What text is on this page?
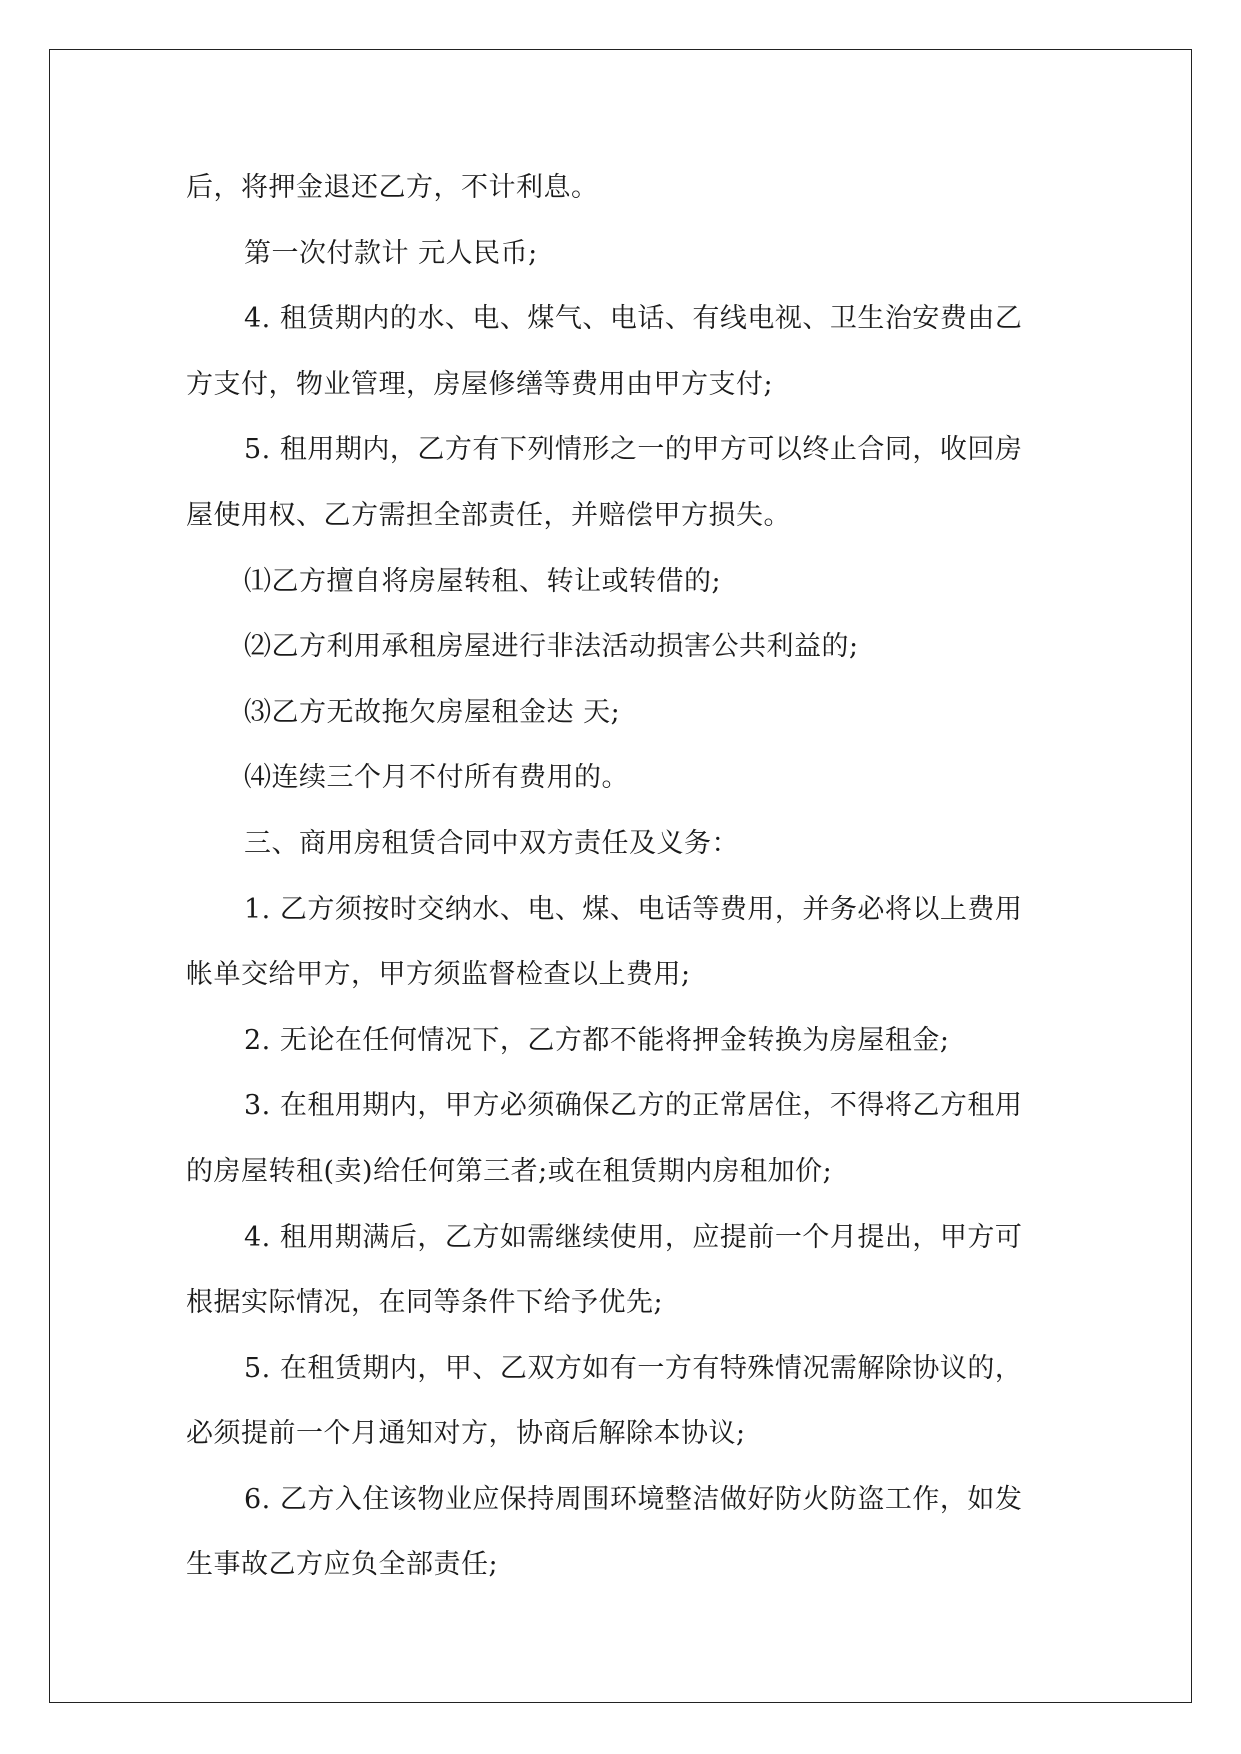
后，将押金退还乙方，不计利息。
第一次付款计 元人民币;
4. 租赁期内的水、电、煤气、电话、有线电视、卫生治安费由乙
方支付，物业管理，房屋修缮等费用由甲方支付;
5. 租用期内，乙方有下列情形之一的甲方可以终止合同，收回房
屋使用权、乙方需担全部责任，并赔偿甲方损失。
⑴乙方擅自将房屋转租、转让或转借的;
⑵乙方利用承租房屋进行非法活动损害公共利益的;
⑶乙方无故拖欠房屋租金达 天;
⑷连续三个月不付所有费用的。
三、商用房租赁合同中双方责任及义务：
1. 乙方须按时交纳水、电、煤、电话等费用，并务必将以上费用
帐单交给甲方，甲方须监督检查以上费用;
2. 无论在任何情况下，乙方都不能将押金转换为房屋租金;
3. 在租用期内，甲方必须确保乙方的正常居住，不得将乙方租用
的房屋转租(卖)给任何第三者;或在租赁期内房租加价;
4. 租用期满后，乙方如需继续使用，应提前一个月提出，甲方可
根据实际情况，在同等条件下给予优先;
5. 在租赁期内，甲、乙双方如有一方有特殊情况需解除协议的，
必须提前一个月通知对方，协商后解除本协议;
6. 乙方入住该物业应保持周围环境整洁做好防火防盗工作，如发
生事故乙方应负全部责任;
